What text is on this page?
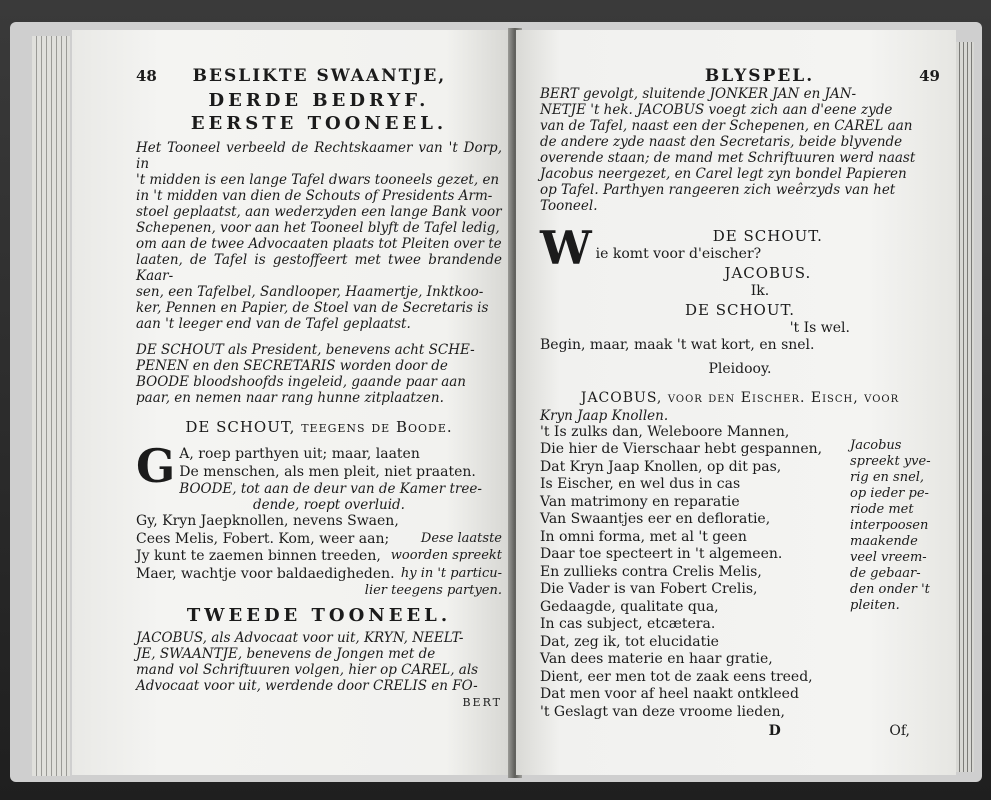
48 BESLIKTE SWAANTJE,
DERDE BEDRYF.
EERSTE TOONEEL.

Het Tooneel verbeeld de Rechtskaamer van 't Dorp, in

't midden is een lange Tafel dwars tooneels gezet, en

in 't midden van dien de Schouts of Presidents Arm-

stoel geplaatst, aan wederzyden een lange Bank voor

Schepenen, voor aan het Tooneel blyft de Tafel ledig,

om aan de twee Advocaaten plaats tot Pleiten over te

laaten, de Tafel is gestoffeert met twee brandende Kaar-

sen, een Tafelbel, Sandlooper, Haamertje, Inktkoo-

ker, Pennen en Papier, de Stoel van de Secretaris is

aan 't leeger end van de Tafel geplaatst.

DE SCHOUT als President, benevens acht SCHE-

PENEN en den SECRETARIS worden door de

BOODE bloodshoofds ingeleid, gaande paar aan

paar, en nemen naar rang hunne zitplaatzen.

DE SCHOUT, teegens de Boode.
G A, roep parthyen uit; maar, laaten

De menschen, als men pleit, niet praaten.

BOODE, tot aan de deur van de Kamer tree-

dende, roept overluid.

Gy, Kryn Jaepknollen, nevens Swaen,
Cees Melis, Fobert. Kom, weer aan; Dese laatste
Jy kunt te zaemen binnen treeden, woorden spreekt
Maer, wachtje voor baldaedigheden. hy in 't particu-
lier teegens partyen.
TWEEDE TOONEEL.

JACOBUS, als Advocaat voor uit, KRYN, NEELT-

JE, SWAANTJE, benevens de Jongen met de

mand vol Schriftuuren volgen, hier op CAREL, als

Advocaat voor uit, werdende door CRELIS en FO-

BERT
BLYSPEL.	49

BERT gevolgt, sluitende JONKER JAN en JAN-

NETJE 't hek. JACOBUS voegt zich aan d'eene zyde

van de Tafel, naast een der Schepenen, en CAREL aan

de andere zyde naast den Secretaris, beide blyvende

overende staan; de mand met Schriftuuren werd naast

Jacobus neergezet, en Carel legt zyn bondel Papieren

op Tafel. Parthyen rangeeren zich weêrzyds van het

Tooneel.

W	DE SCHOUT.

ie komt voor d'eischer?

JACOBUS.

Ik.

DE SCHOUT.

't Is wel.

Begin, maar, maak 't wat kort, en snel.

Pleidooy.
JACOBUS, voor den Eischer. Eisch, voor
Kryn Jaap Knollen.

't Is zulks dan, Weleboore Mannen,

Die hier de Vierschaar hebt gespannen,

Dat Kryn Jaap Knollen, op dit pas,

Is Eischer, en wel dus in cas

Van matrimony en reparatie

Van Swaantjes eer en defloratie,

In omni forma, met al 't geen

Daar toe specteert in 't algemeen.

En zullieks contra Crelis Melis,

Die Vader is van Fobert Crelis,

Gedaagde, qualitate qua,

In cas subject, etcætera.

Dat, zeg ik, tot elucidatie

Van dees materie en haar gratie,

Dient, eer men tot de zaak eens treed,

Dat men voor af heel naakt ontkleed

't Geslagt van deze vroome lieden,

Jacobus

spreekt yve-

rig en snel,

op ieder pe-

riode met

interpoosen

maakende

veel vreem-

de gebaar-

den onder 't

pleiten.

D	Of,
